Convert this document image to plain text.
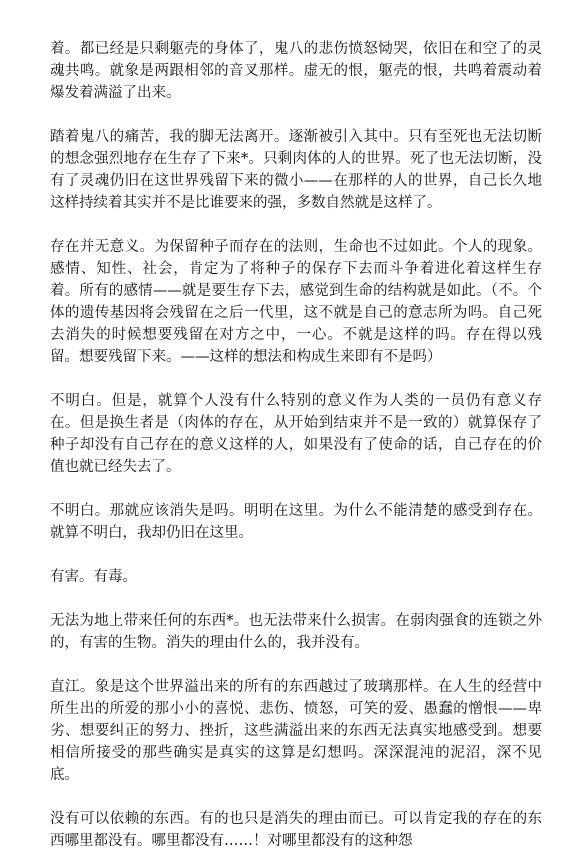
着。都已经是只剩躯壳的身体了，鬼八的悲伤愤怒恸哭，依旧在和空了的灵魂共鸣。就象是两跟相邻的音叉那样。虚无的恨，躯壳的恨，共鸣着震动着爆发着满溢了出来。

踏着鬼八的痛苦，我的脚无法离开。逐渐被引入其中。只有至死也无法切断的想念强烈地存在生存了下来*。只剩肉体的人的世界。死了也无法切断，没有了灵魂仍旧在这世界残留下来的微小——在那样的人的世界，自己长久地这样持续着其实并不是比谁要来的强，多数自然就是这样了。

存在并无意义。为保留种子而存在的法则，生命也不过如此。个人的现象。感情、知性、社会，肯定为了将种子的保存下去而斗争着进化着这样生存着。所有的感情——就是要生存下去，感觉到生命的结构就是如此。（不。个体的遗传基因将会残留在之后一代里，这不就是自己的意志所为吗。自己死去消失的时候想要残留在对方之中，一心。不就是这样的吗。存在得以残留。想要残留下来。——这样的想法和构成生来即有不是吗）

不明白。但是，就算个人没有什么特别的意义作为人类的一员仍有意义存在。但是换生者是（肉体的存在，从开始到结束并不是一致的）就算保存了种子却没有自己存在的意义这样的人，如果没有了使命的话，自己存在的价值也就已经失去了。

不明白。那就应该消失是吗。明明在这里。为什么不能清楚的感受到存在。就算不明白，我却仍旧在这里。

有害。有毒。

无法为地上带来任何的东西*。也无法带来什么损害。在弱肉强食的连锁之外的，有害的生物。消失的理由什么的，我并没有。

直江。象是这个世界溢出来的所有的东西越过了玻璃那样。在人生的经营中所生出的所爱的那小小的喜悦、悲伤、愤怒，可笑的爱、愚蠢的憎恨——卑劣、想要纠正的努力、挫折，这些满溢出来的东西无法真实地感受到。想要相信所接受的那些确实是真实的这算是幻想吗。深深混沌的泥沼，深不见底。

没有可以依赖的东西。有的也只是消失的理由而已。可以肯定我的存在的东西哪里都没有。哪里都没有……！对哪里都没有的这种怨
